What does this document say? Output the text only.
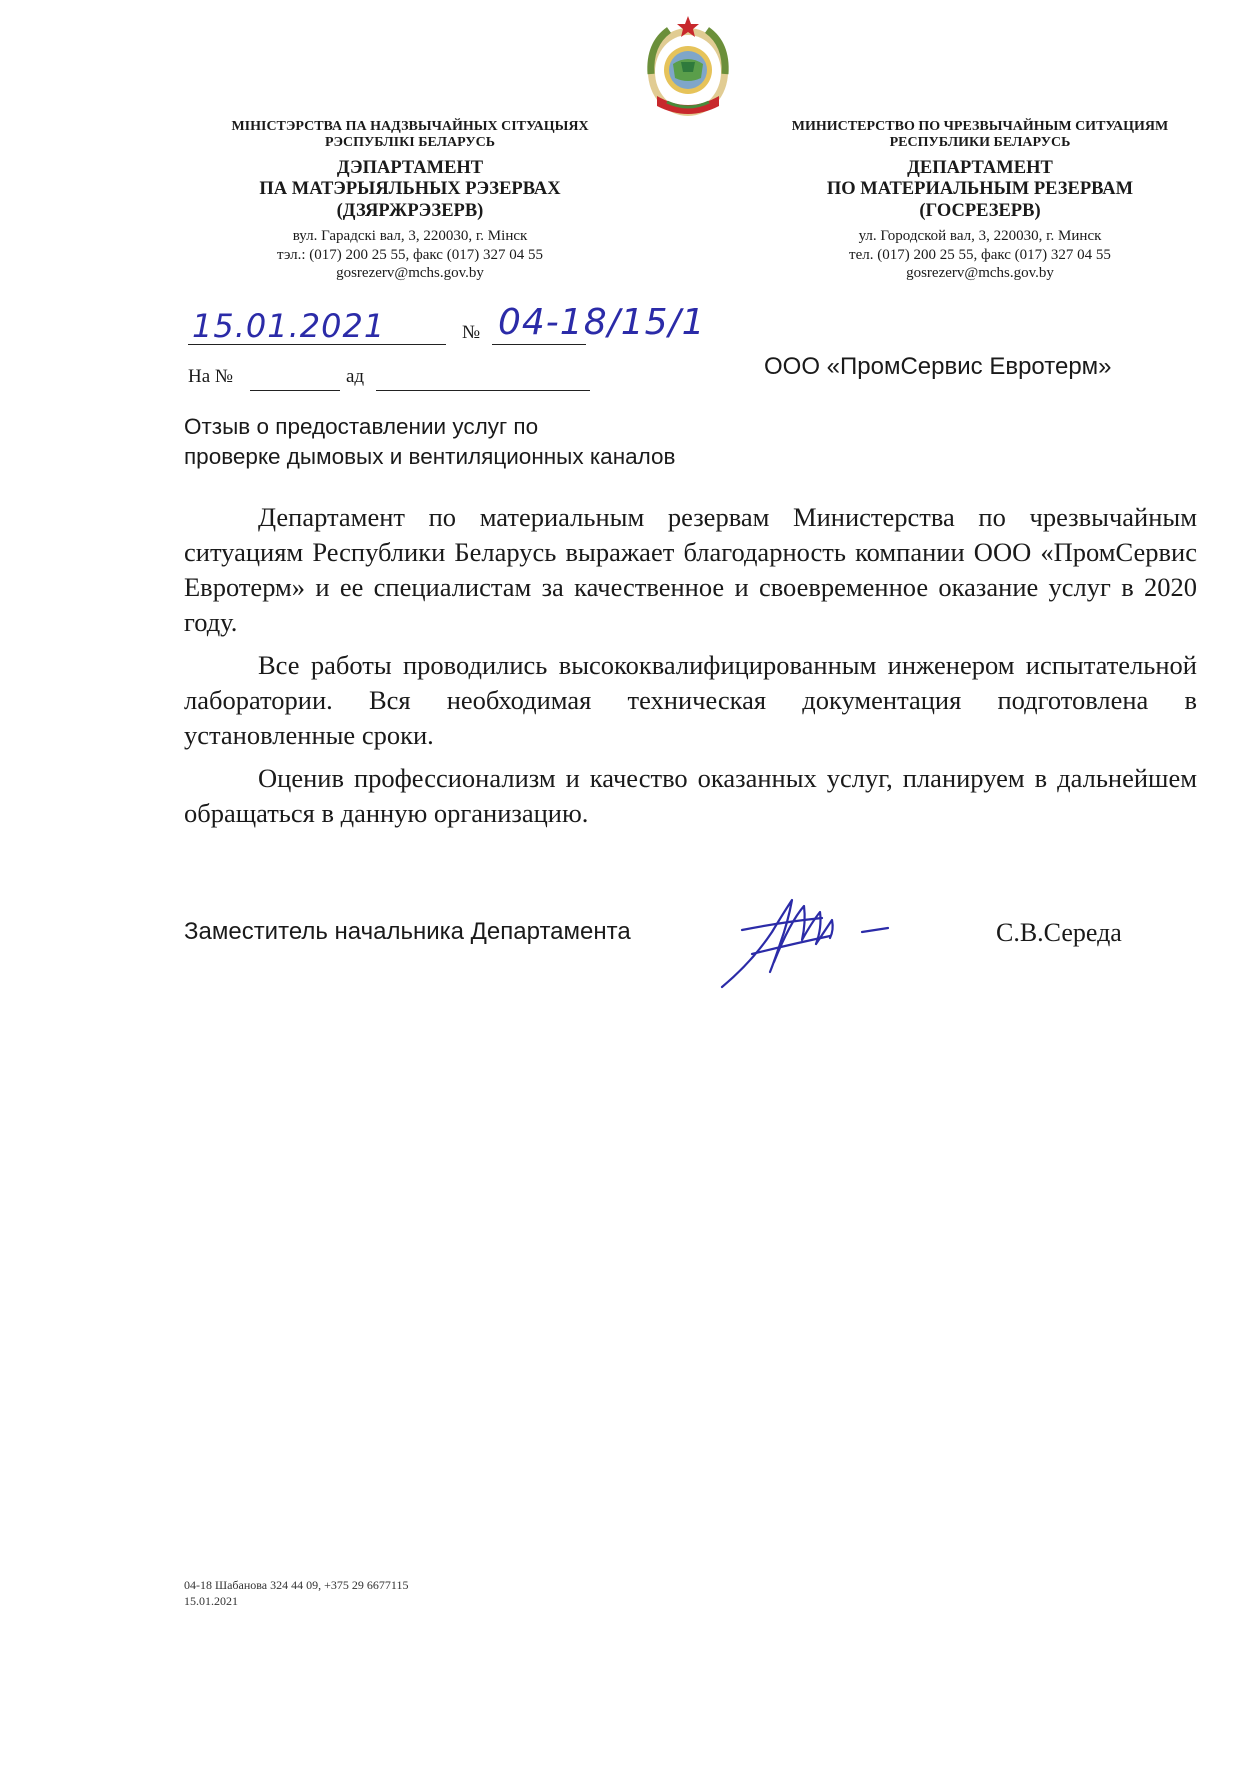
МІНІСТЭРСТВА ПА НАДЗВЫЧАЙНЫХ СІТУАЦЫЯХ
РЭСПУБЛІКІ БЕЛАРУСЬ
ДЭПАРТАМЕНТ
ПА МАТЭРЫЯЛЬНЫХ РЭЗЕРВАХ
(ДЗЯРЖРЭЗЕРВ)
вул. Гарадскі вал, 3, 220030, г. Мінск
тэл.: (017) 200 25 55, факс (017) 327 04 55
gosrezerv@mchs.gov.by
МИНИСТЕРСТВО ПО ЧРЕЗВЫЧАЙНЫМ СИТУАЦИЯМ
РЕСПУБЛИКИ БЕЛАРУСЬ
ДЕПАРТАМЕНТ
ПО МАТЕРИАЛЬНЫМ РЕЗЕРВАМ
(ГОСРЕЗЕРВ)
ул. Городской вал, 3, 220030, г. Минск
тел. (017) 200 25 55, факс (017) 327 04 55
gosrezerv@mchs.gov.by
15.01.2021	№ 04-18/15/1
На №	ад	ООО «ПромСервис Евротерм»
Отзыв о предоставлении услуг по
проверке дымовых и вентиляционных каналов

Департамент по материальным резервам Министерства по чрезвычайным ситуациям Республики Беларусь выражает благодарность компании ООО «ПромСервис Евротерм» и ее специалистам за качественное и своевременное оказание услуг в 2020 году.

Все работы проводились высококвалифицированным инженером испытательной лаборатории. Вся необходимая техническая документация подготовлена в установленные сроки.

Оценив профессионализм и качество оказанных услуг, планируем в дальнейшем обращаться в данную организацию.

Заместитель начальника Департамента	С.В.Середа
04-18 Шабанова 324 44 09, +375 29 6677115
15.01.2021
